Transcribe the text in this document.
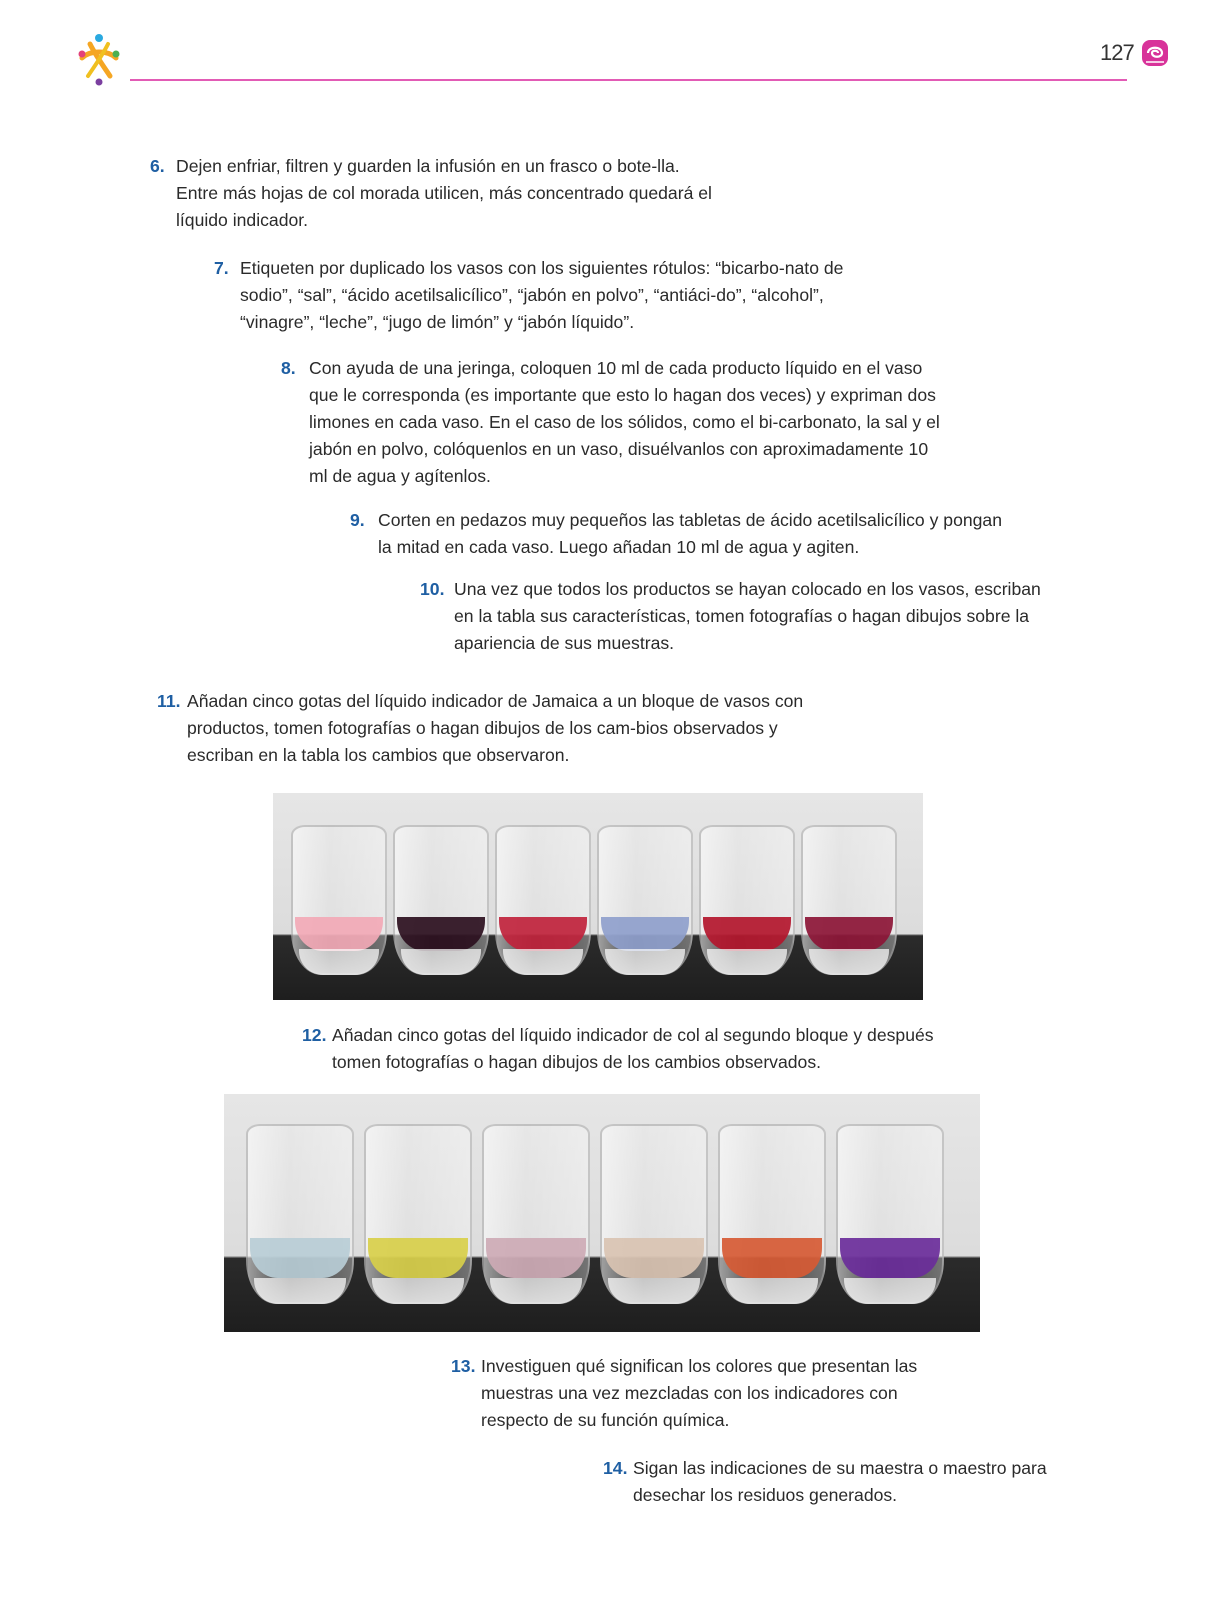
127
6. Dejen enfriar, filtren y guarden la infusión en un frasco o bote-lla. Entre más hojas de col morada utilicen, más concentrado quedará el líquido indicador.
7. Etiqueten por duplicado los vasos con los siguientes rótulos: “bicarbo-nato de sodio”, “sal”, “ácido acetilsalicílico”, “jabón en polvo”, “antiáci-do”, “alcohol”, “vinagre”, “leche”, “jugo de limón” y “jabón líquido”.
8. Con ayuda de una jeringa, coloquen 10 ml de cada producto líquido en el vaso que le corresponda (es importante que esto lo hagan dos veces) y expriman dos limones en cada vaso. En el caso de los sólidos, como el bi-carbonato, la sal y el jabón en polvo, colóquenlos en un vaso, disuélvanlos con aproximadamente 10 ml de agua y agítenlos.
9. Corten en pedazos muy pequeños las tabletas de ácido acetilsalicílico y pongan la mitad en cada vaso. Luego añadan 10 ml de agua y agiten.
10. Una vez que todos los productos se hayan colocado en los vasos, escriban en la tabla sus características, tomen fotografías o hagan dibujos sobre la apariencia de sus muestras.
11. Añadan cinco gotas del líquido indicador de Jamaica a un bloque de vasos con productos, tomen fotografías o hagan dibujos de los cam-bios observados y escriban en la tabla los cambios que observaron.
12. Añadan cinco gotas del líquido indicador de col al segundo bloque y después tomen fotografías o hagan dibujos de los cambios observados.
13. Investiguen qué significan los colores que presentan las muestras una vez mezcladas con los indicadores con respecto de su función química.
14. Sigan las indicaciones de su maestra o maestro para desechar los residuos generados.
